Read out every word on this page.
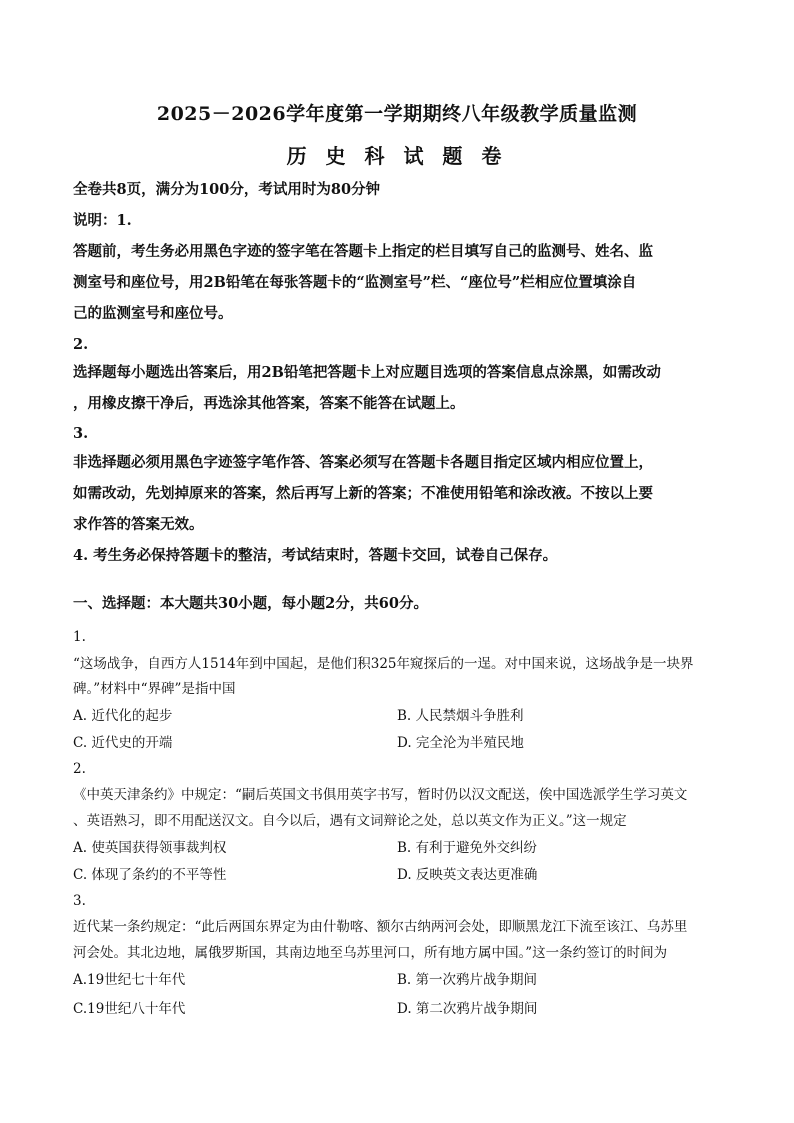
2025－2026学年度第一学期期终八年级教学质量监测
历 史 科 试 题 卷
全卷共8页，满分为100分，考试用时为80分钟
说明：1.
答题前，考生务必用黑色字迹的签字笔在答题卡上指定的栏目填写自己的监测号、姓名、监
测室号和座位号，用2B铅笔在每张答题卡的“监测室号”栏、“座位号”栏相应位置填涂自
己的监测室号和座位号。
2.
选择题每小题选出答案后，用2B铅笔把答题卡上对应题目选项的答案信息点涂黑，如需改动
，用橡皮擦干净后，再选涂其他答案，答案不能答在试题上。
3.
非选择题必须用黑色字迹签字笔作答、答案必须写在答题卡各题目指定区域内相应位置上，
如需改动，先划掉原来的答案，然后再写上新的答案；不准使用铅笔和涂改液。不按以上要
求作答的答案无效。
4. 考生务必保持答题卡的整洁，考试结束时，答题卡交回，试卷自己保存。
一、选择题：本大题共30小题，每小题2分，共60分。
1.
“这场战争，自西方人1514年到中国起，是他们积325年窥探后的一逞。对中国来说，这场战争是一块界
碑。”材料中“界碑”是指中国
A. 近代化的起步	B. 人民禁烟斗争胜利
C. 近代史的开端	D. 完全沦为半殖民地
2.
《中英天津条约》中规定：“嗣后英国文书俱用英字书写，暂时仍以汉文配送，俟中国选派学生学习英文
、英语熟习，即不用配送汉文。自今以后，遇有文词辩论之处，总以英文作为正义。”这一规定
A. 使英国获得领事裁判权	B. 有利于避免外交纠纷
C. 体现了条约的不平等性	D. 反映英文表达更准确
3.
近代某一条约规定：“此后两国东界定为由什勒喀、额尔古纳两河会处，即顺黑龙江下流至该江、乌苏里
河会处。其北边地，属俄罗斯国，其南边地至乌苏里河口，所有地方属中国。”这一条约签订的时间为
A.19世纪七十年代	B. 第一次鸦片战争期间
C.19世纪八十年代	D. 第二次鸦片战争期间
